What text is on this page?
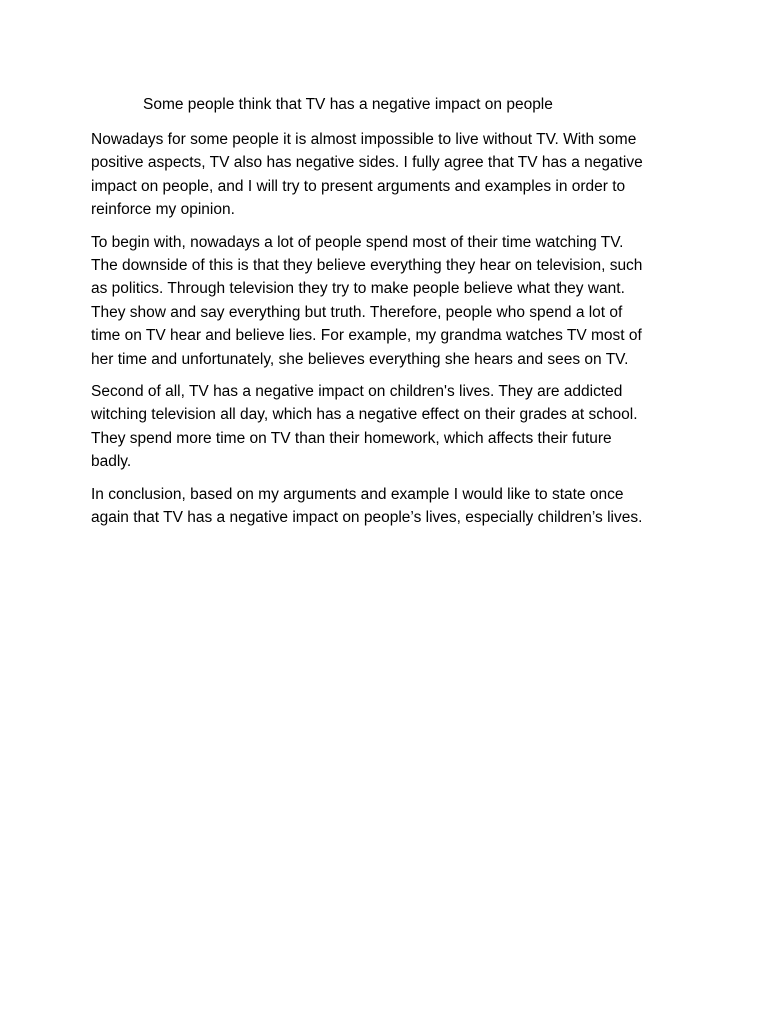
Some people think that TV has a negative impact on people

Nowadays for some people it is almost impossible to live without TV. With some
positive aspects, TV also has negative sides. I fully agree that TV has a negative
impact on people, and I will try to present arguments and examples in order to
reinforce my opinion.

To begin with, nowadays a lot of people spend most of their time watching TV.
The downside of this is that they believe everything they hear on television, such
as politics. Through television they try to make people believe what they want.
They show and say everything but truth. Therefore, people who spend a lot of
time on TV hear and believe lies. For example, my grandma watches TV most of
her time and unfortunately, she believes everything she hears and sees on TV.

Second of all, TV has a negative impact on children's lives. They are addicted
witching television all day, which has a negative effect on their grades at school.
They spend more time on TV than their homework, which affects their future
badly.

In conclusion, based on my arguments and example I would like to state once
again that TV has a negative impact on people’s lives, especially children’s lives.
